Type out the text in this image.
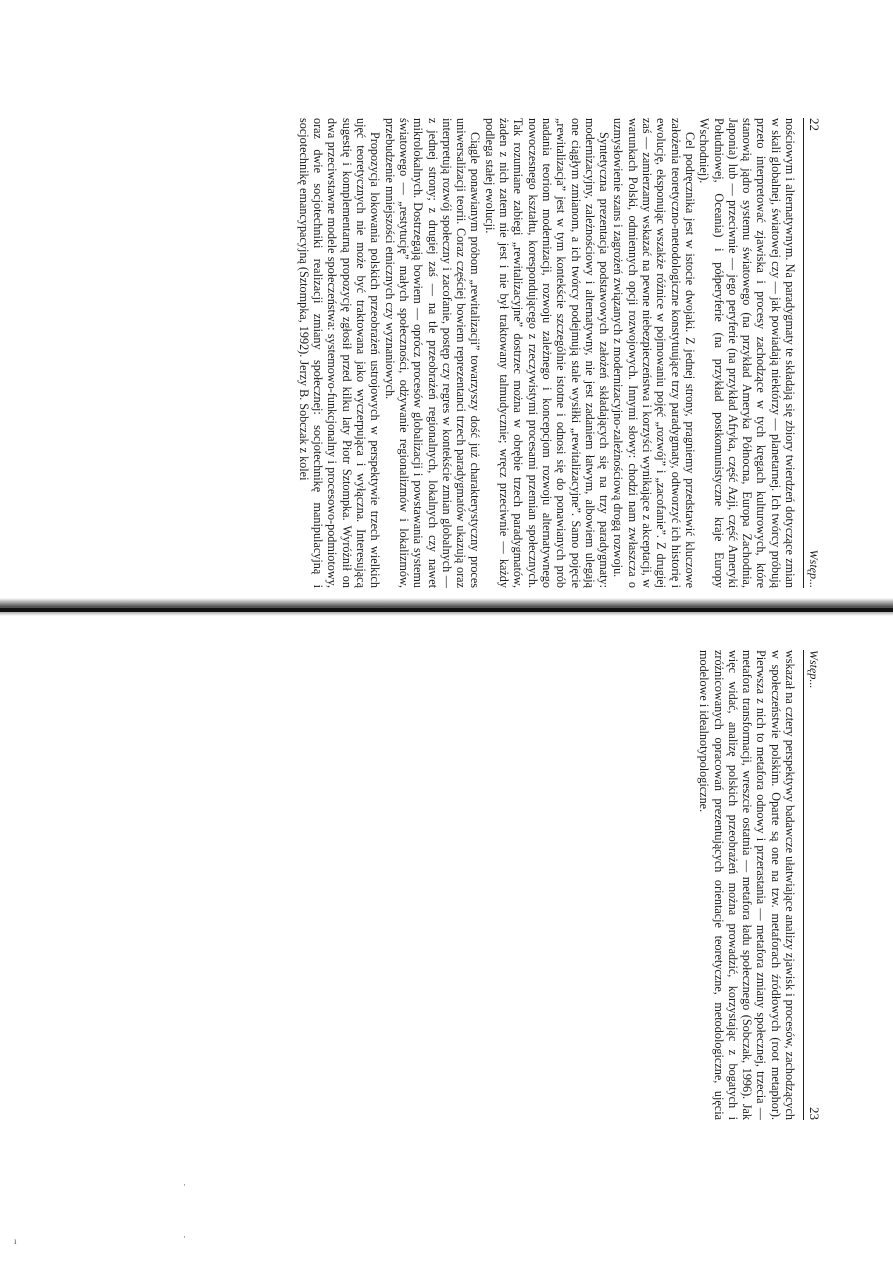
22
Wstęp...

nościowym i alternatywnym. Na paradygmaty te składają się zbiory twierdzeń dotyczące zmian w skali globalnej, światowej czy — jak powiadają niektórzy — planetarnej. Ich twórcy próbują przeto interpretować zjawiska i procesy zachodzące w tych kręgach kulturowych, które stanowią jądro systemu światowego (na przykład Ameryka Północna, Europa Zachodnia, Japonia) lub — przeciwnie — jego peryferie (na przykład Afryka, część Azji, część Ameryki Południowej, Oceania) i półperyferie (na przykład postkomunistyczne kraje Europy Wschodniej).

Cel podręcznika jest w istocie dwojaki. Z jednej strony, pragniemy przedstawić kluczowe założenia teoretyczno-metodologiczne konstytuujące trzy paradygmaty, odtworzyć ich historię i ewolucję, eksponując wszakże różnice w pojmowaniu pojęć „rozwój” i „zacofanie”. Z drugiej zaś — zamierzamy wskazać na pewne niebezpieczeństwa i korzyści wynikające z akceptacji, w warunkach Polski, odmiennych opcji rozwojowych. Innymi słowy: chodzi nam zwłaszcza o uzmysłowienie szans i zagrożeń związanych z modernizacyjno-zależnościową drogą rozwoju.

Syntetyczna prezentacja podstawowych założeń składających się na trzy paradygmaty: modernizacyjny, zależnościowy i alternatywny, nie jest zadaniem łatwym, albowiem ulegają one ciągłym zmianom, a ich twórcy podejmują stale wysiłki „rewitalizacyjne”. Samo pojęcie „rewitalizacja” jest w tym kontekście szczególnie istotne i odnosi się do ponawianych prób nadania teoriom modernizacji, rozwoju zależnego i koncepcjom rozwoju alternatywnego nowoczesnego kształtu, korespondującego z rzeczywistymi procesami przemian społecznych. Tak rozumiane zabiegi „rewitalizacyjne” dostrzec można w obrębie trzech paradygmatów, żaden z nich zatem nie jest i nie był traktowany talmudycznie; wręcz przeciwnie — każdy podlega stałej ewolucji.

Ciągle ponawianym próbom „rewitalizacji” towarzyszy dość już charakterystyczny proces uniwersalizacji teorii. Coraz częściej bowiem reprezentanci trzech paradygmatów ukazują oraz interpretują rozwój społeczny i zacofanie, postęp czy regres w kontekście zmian globalnych — z jednej strony; z drugiej zaś — na tle przeobrażeń regionalnych, lokalnych czy nawet mikrolokalnych. Dostrzegają bowiem — oprócz procesów globalizacji i powstawania systemu światowego — „restytucję” małych społeczności, odżywanie regionalizmów i lokalizmów, przebudzenie mniejszości etnicznych czy wyznaniowych.

Propozycja lokowania polskich przeobrażeń ustrojowych w perspektywie trzech wielkich ujęć teoretycznych nie może być traktowana jako wyczerpująca i wyłączna. Interesującą sugestię i komplementarną propozycję zgłosił przed kilku laty Piotr Sztompka. Wyróżnił on dwa przeciwstawne modele społeczeństwa: systemowo-funkcjonalny i procesowo-podmiotowy, oraz dwie socjotechniki realizacji zmiany społecznej: socjotechnikę manipulacyjną i socjotechnikę emancypacyjną (Sztompka, 1992). Jerzy B. Sobczak z kolei

Wstęp...
23

wskazał na cztery perspektywy badawcze ułatwiające analizy zjawisk i procesów, zachodzących w społeczeństwie polskim. Oparte są one na tzw. metaforach źródłowych (root metaphor). Pierwsza z nich to metafora odnowy i przerastania — metafora zmiany społecznej, trzecia — metafora transformacji, wreszcie ostatnia — metafora ładu społecznego (Sobczak, 1996). Jak więc widać, analizę polskich przeobrażeń można prowadzić, korzystając z bogatych i zróżnicowanych opracowań prezentujących orientacje teoretyczne, metodologiczne, ujęcia modelowe i idealnotypologiczne.

·
·
ı
